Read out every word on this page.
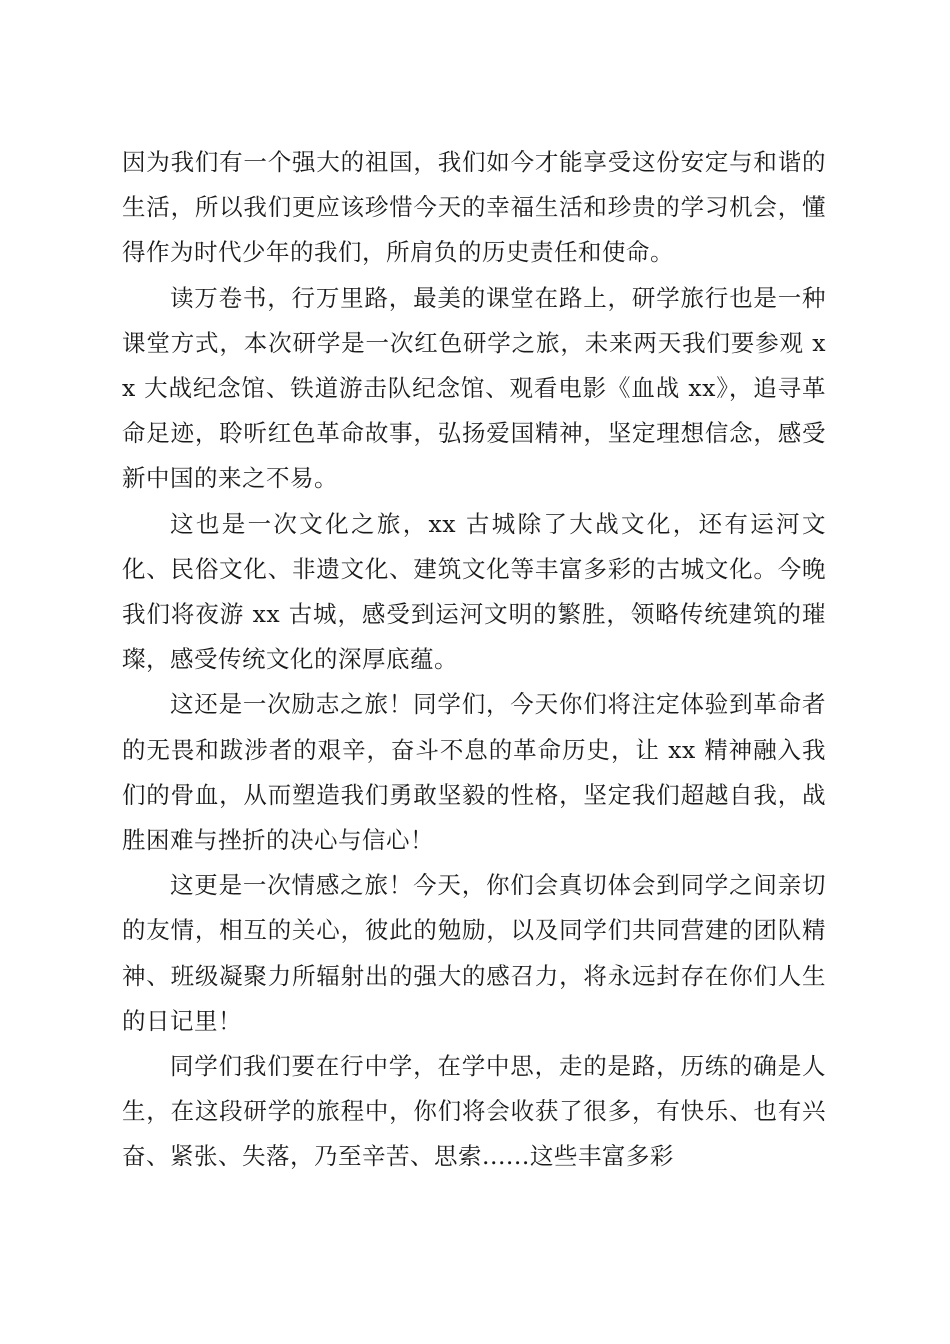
因为我们有一个强大的祖国，我们如今才能享受这份安定与和谐的生活，所以我们更应该珍惜今天的幸福生活和珍贵的学习机会，懂得作为时代少年的我们，所肩负的历史责任和使命。

读万卷书，行万里路，最美的课堂在路上，研学旅行也是一种课堂方式，本次研学是一次红色研学之旅，未来两天我们要参观 xx 大战纪念馆、铁道游击队纪念馆、观看电影《血战 xx》，追寻革命足迹，聆听红色革命故事，弘扬爱国精神，坚定理想信念，感受新中国的来之不易。

这也是一次文化之旅，xx 古城除了大战文化，还有运河文化、民俗文化、非遗文化、建筑文化等丰富多彩的古城文化。今晚我们将夜游 xx 古城，感受到运河文明的繁胜，领略传统建筑的璀璨，感受传统文化的深厚底蕴。

这还是一次励志之旅！同学们，今天你们将注定体验到革命者的无畏和跋涉者的艰辛，奋斗不息的革命历史，让 xx 精神融入我们的骨血，从而塑造我们勇敢坚毅的性格，坚定我们超越自我，战胜困难与挫折的决心与信心！

这更是一次情感之旅！今天，你们会真切体会到同学之间亲切的友情，相互的关心，彼此的勉励，以及同学们共同营建的团队精神、班级凝聚力所辐射出的强大的感召力，将永远封存在你们人生的日记里！

同学们我们要在行中学，在学中思，走的是路，历练的确是人生，在这段研学的旅程中，你们将会收获了很多，有快乐、也有兴奋、紧张、失落，乃至辛苦、思索......这些丰富多彩
